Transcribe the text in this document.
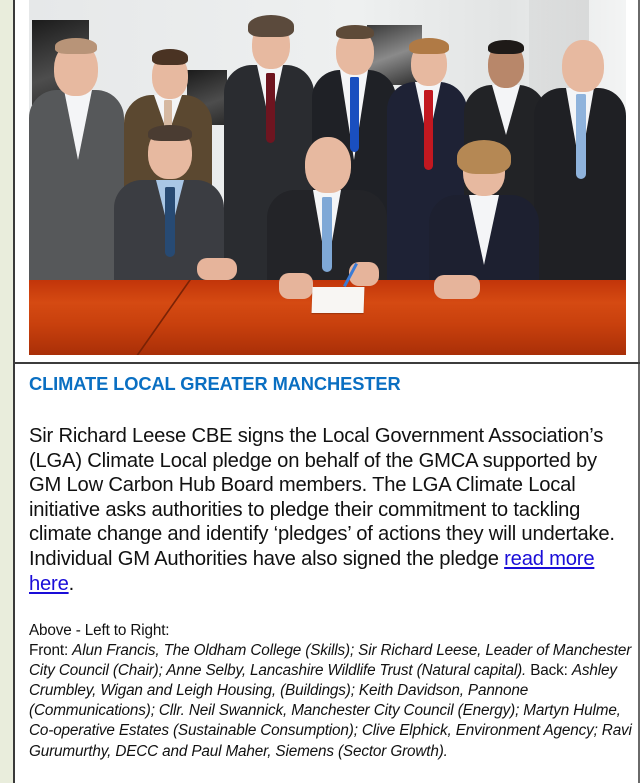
CLIMATE LOCAL GREATER MANCHESTER

Sir Richard Leese CBE signs the Local Government Association’s (LGA) Climate Local pledge on behalf of the GMCA supported by GM Low Carbon Hub Board members. The LGA Climate Local initiative asks authorities to pledge their commitment to tackling climate change and identify ‘pledges’ of actions they will undertake. Individual GM Authorities have also signed the pledge read more here.

Above - Left to Right:
Front: Alun Francis, The Oldham College (Skills); Sir Richard Leese, Leader of Manchester City Council (Chair); Anne Selby, Lancashire Wildlife Trust (Natural capital). Back: Ashley Crumbley, Wigan and Leigh Housing, (Buildings); Keith Davidson, Pannone (Communications); Cllr. Neil Swannick, Manchester City Council (Energy); Martyn Hulme, Co-operative Estates (Sustainable Consumption); Clive Elphick, Environment Agency; Ravi Gurumurthy, DECC and Paul Maher, Siemens (Sector Growth).
